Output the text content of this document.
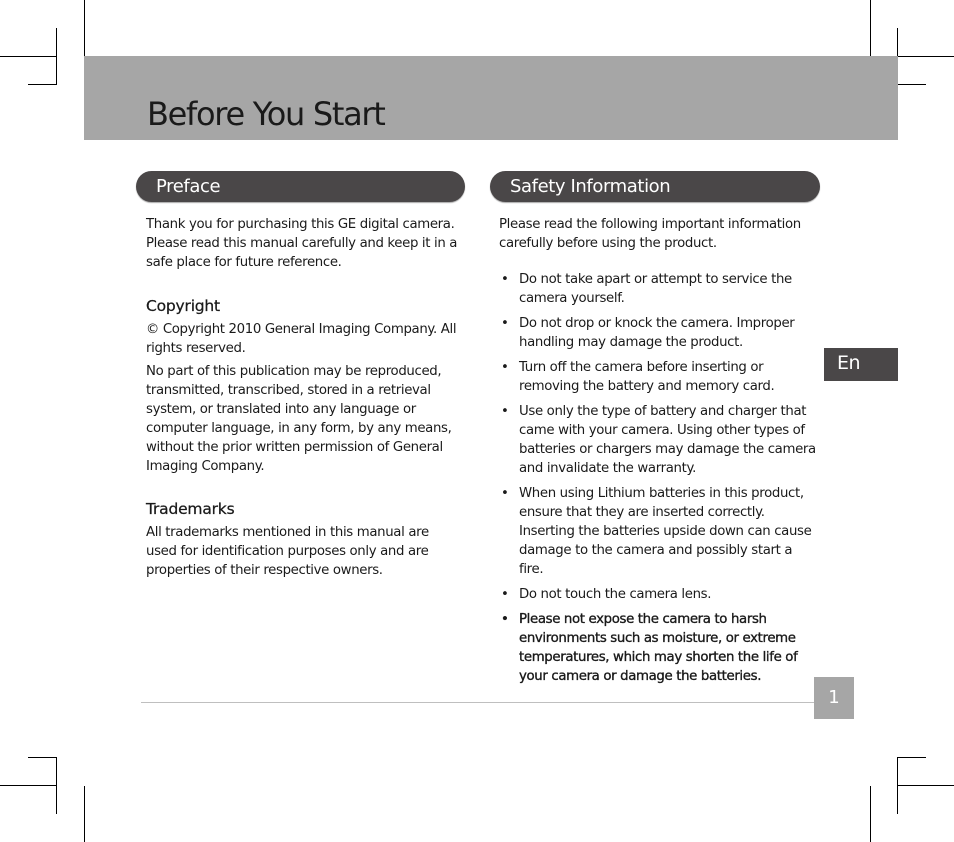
Before You Start
Preface	Safety Information

Thank you for purchasing this GE digital camera. Please read this manual carefully and keep it in a safe place for future reference.

Copyright

© Copyright 2010 General Imaging Company. All rights reserved.

No part of this publication may be reproduced, transmitted, transcribed, stored in a retrieval system, or translated into any language or computer language, in any form, by any means, without the prior written permission of General Imaging Company.

Trademarks

All trademarks mentioned in this manual are used for identification purposes only and are properties of their respective owners.

Please read the following important information carefully before using the product.

• Do not take apart or attempt to service the camera yourself.
• Do not drop or knock the camera. Improper handling may damage the product.
• Turn off the camera before inserting or removing the battery and memory card.
• Use only the type of battery and charger that came with your camera. Using other types of batteries or chargers may damage the camera and invalidate the warranty.
• When using Lithium batteries in this product, ensure that they are inserted correctly. Inserting the batteries upside down can cause damage to the camera and possibly start a fire.
• Do not touch the camera lens.
• Please not expose the camera to harsh environments such as moisture, or extreme temperatures, which may shorten the life of your camera or damage the batteries.
En
1
